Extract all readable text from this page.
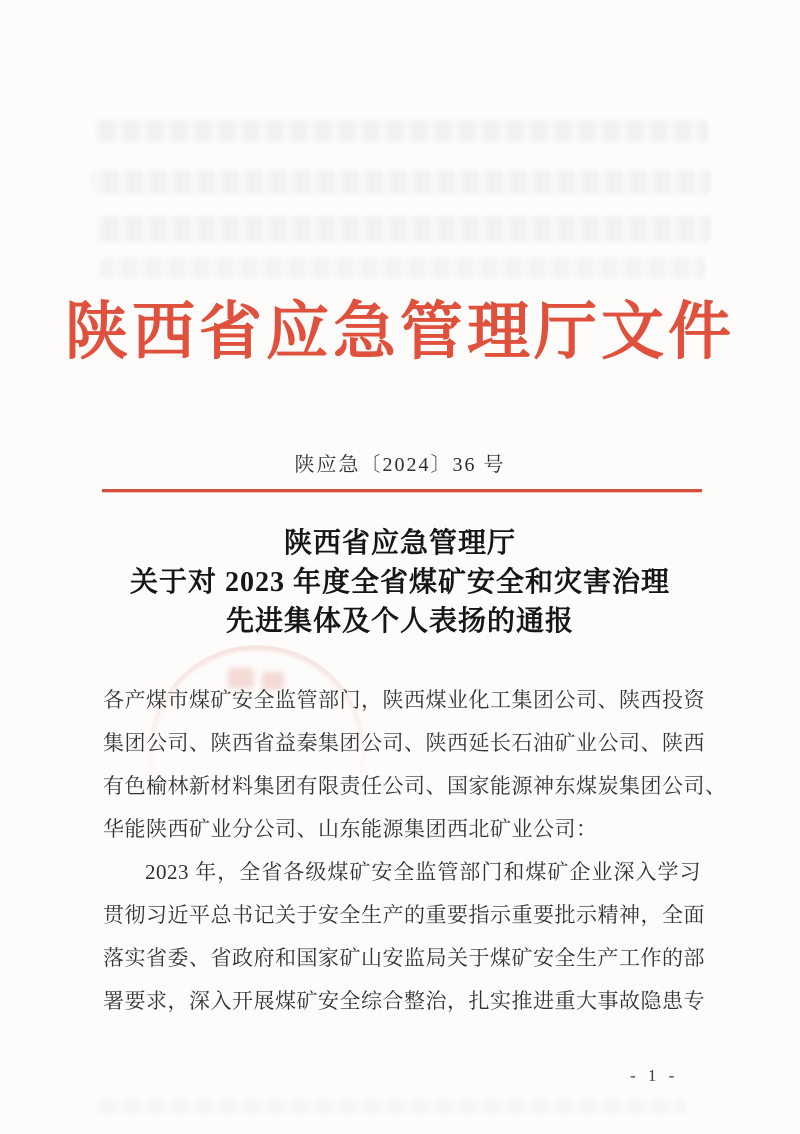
陕西省应急管理厅文件
陕应急〔2024〕36 号
陕西省应急管理厅
关于对 2023 年度全省煤矿安全和灾害治理
先进集体及个人表扬的通报
各产煤市煤矿安全监管部门，陕西煤业化工集团公司、陕西投资
集团公司、陕西省益秦集团公司、陕西延长石油矿业公司、陕西
有色榆林新材料集团有限责任公司、国家能源神东煤炭集团公司、
华能陕西矿业分公司、山东能源集团西北矿业公司：
2023 年，全省各级煤矿安全监管部门和煤矿企业深入学习
贯彻习近平总书记关于安全生产的重要指示重要批示精神，全面
落实省委、省政府和国家矿山安监局关于煤矿安全生产工作的部
署要求，深入开展煤矿安全综合整治，扎实推进重大事故隐患专
- 1 -
